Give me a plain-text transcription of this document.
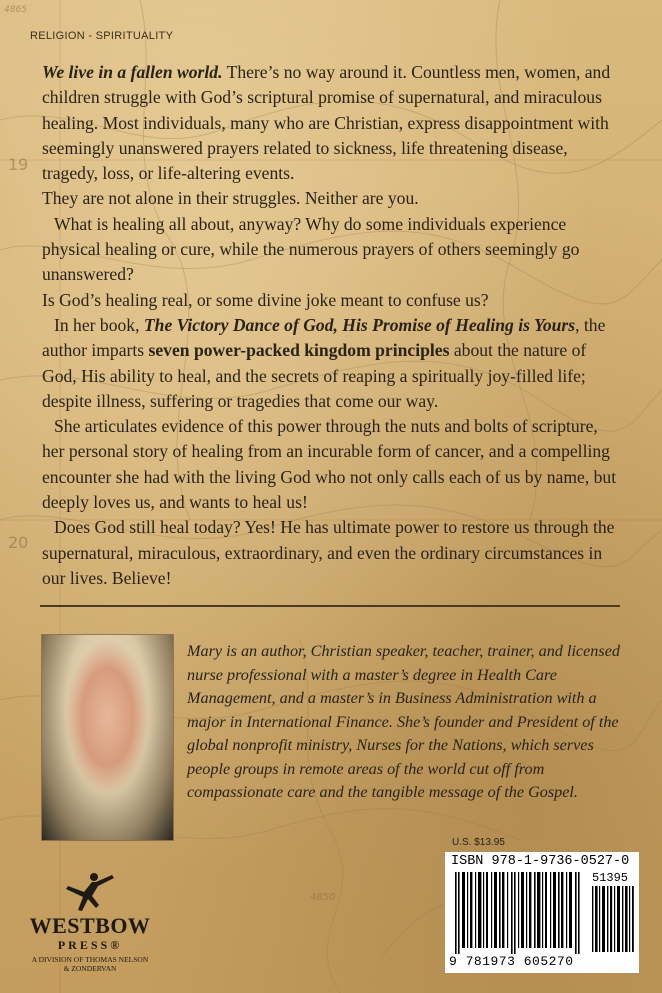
4865
19
20
4850
RELIGION - SPIRITUALITY

We live in a fallen world. There’s no way around it. Countless men, women, and children struggle with God’s scriptural promise of supernatural, and miraculous healing. Most individuals, many who are Christian, express disappointment with seemingly unanswered prayers related to sickness, life threatening disease, tragedy, loss, or life-altering events.

They are not alone in their struggles. Neither are you.

What is healing all about, anyway? Why do some individuals experience physical healing or cure, while the numerous prayers of others seemingly go unanswered?

Is God’s healing real, or some divine joke meant to confuse us?

In her book, The Victory Dance of God, His Promise of Healing is Yours, the author imparts seven power-packed kingdom principles about the nature of God, His ability to heal, and the secrets of reaping a spiritually joy-filled life; despite illness, suffering or tragedies that come our way.

She articulates evidence of this power through the nuts and bolts of scripture, her personal story of healing from an incurable form of cancer, and a compelling encounter she had with the living God who not only calls each of us by name, but deeply loves us, and wants to heal us!

Does God still heal today? Yes! He has ultimate power to restore us through the supernatural, miraculous, extraordinary, and even the ordinary circumstances in our lives. Believe!

Mary is an author, Christian speaker, teacher, trainer, and licensed nurse professional with a master’s degree in Health Care Management, and a master’s in Business Administration with a major in International Finance. She’s founder and President of the global nonprofit ministry, Nurses for the Nations, which serves people groups in remote areas of the world cut off from compassionate care and the tangible message of the Gospel.
WESTBOW
PRESS®
A DIVISION OF THOMAS NELSON
& ZONDERVAN
U.S. $13.95
ISBN 978-1-9736-0527-0
51395
9 781973 605270
